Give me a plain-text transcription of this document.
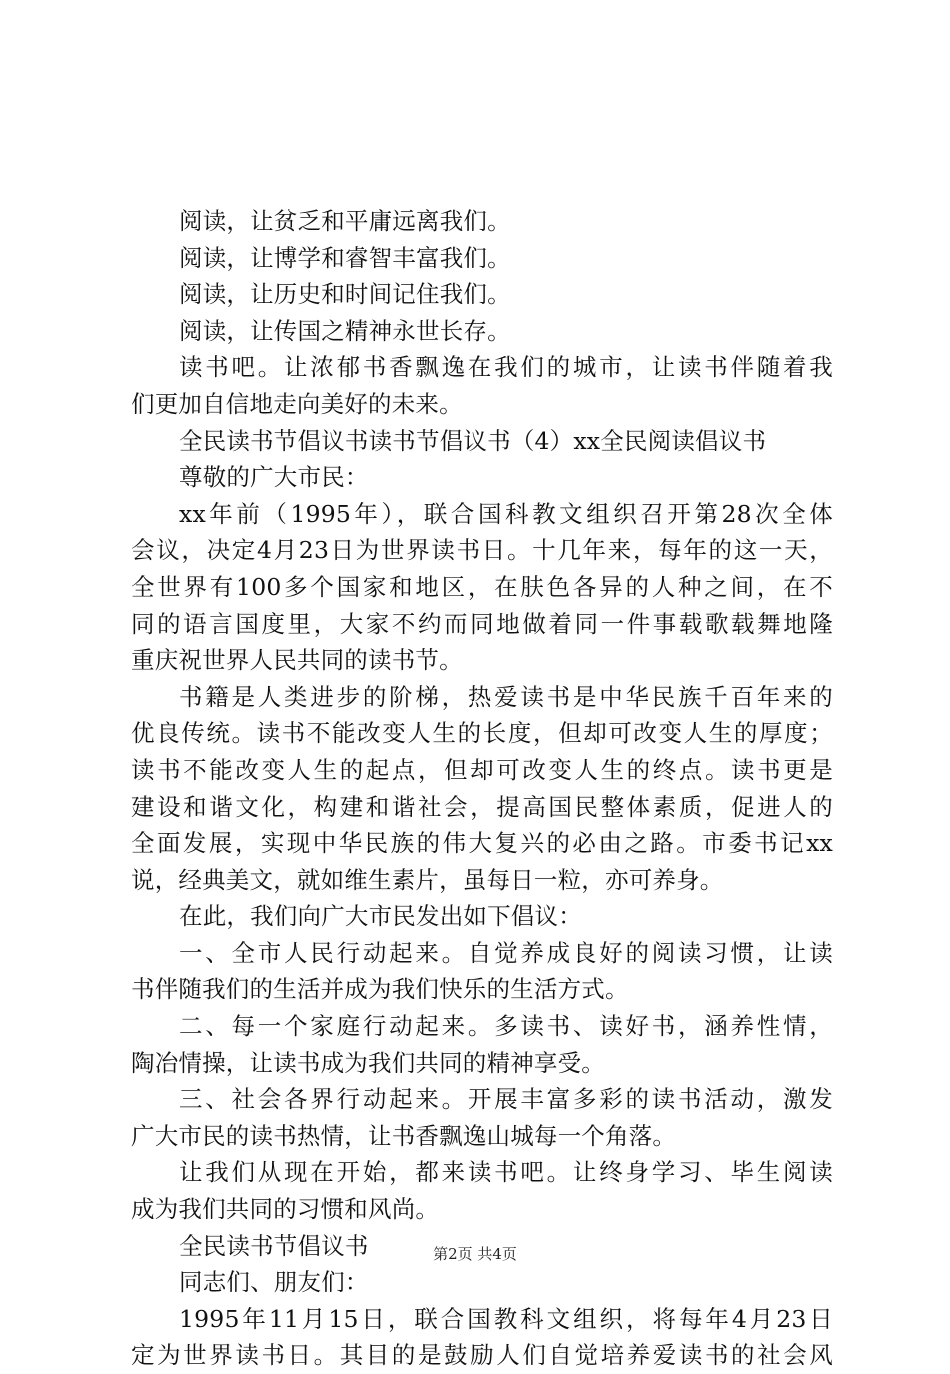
阅读，让贫乏和平庸远离我们。
阅读，让博学和睿智丰富我们。
阅读，让历史和时间记住我们。
阅读，让传国之精神永世长存。
读书吧。让浓郁书香飘逸在我们的城市，让读书伴随着我
们更加自信地走向美好的未来。
全民读书节倡议书读书节倡议书（4）xx全民阅读倡议书
尊敬的广大市民：
xx年前（1995年），联合国科教文组织召开第28次全体
会议，决定4月23日为世界读书日。十几年来，每年的这一天，
全世界有100多个国家和地区，在肤色各异的人种之间，在不
同的语言国度里，大家不约而同地做着同一件事载歌载舞地隆
重庆祝世界人民共同的读书节。
书籍是人类进步的阶梯，热爱读书是中华民族千百年来的
优良传统。读书不能改变人生的长度，但却可改变人生的厚度；
读书不能改变人生的起点，但却可改变人生的终点。读书更是
建设和谐文化，构建和谐社会，提高国民整体素质，促进人的
全面发展，实现中华民族的伟大复兴的必由之路。市委书记xx
说，经典美文，就如维生素片，虽每日一粒，亦可养身。
在此，我们向广大市民发出如下倡议：
一、全市人民行动起来。自觉养成良好的阅读习惯，让读
书伴随我们的生活并成为我们快乐的生活方式。
二、每一个家庭行动起来。多读书、读好书，涵养性情，
陶冶情操，让读书成为我们共同的精神享受。
三、社会各界行动起来。开展丰富多彩的读书活动，激发
广大市民的读书热情，让书香飘逸山城每一个角落。
让我们从现在开始，都来读书吧。让终身学习、毕生阅读
成为我们共同的习惯和风尚。
全民读书节倡议书
同志们、朋友们：
1995年11月15日，联合国教科文组织，将每年4月23日
定为世界读书日。其目的是鼓励人们自觉培养爱读书的社会风
第2页 共4页
